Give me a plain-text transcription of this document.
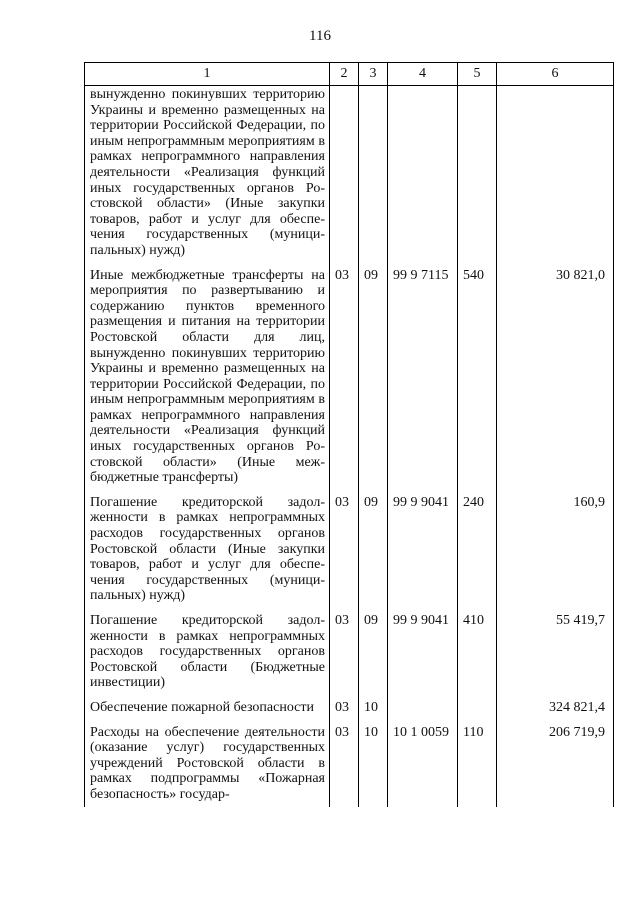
116
1	2	3	4	5	6
вынужденно покинувших территорию Украины и временно размещенных на территории Российской Федерации, по иным непрограммным мероприятиям в рамках непрограммного направления деятельности «Реализация функций иных государственных органов Ростовской области» (Иные закупки товаров, работ и услуг для обеспечения государственных (муниципальных) нужд)					
Иные межбюджетные трансферты на мероприятия по развертыванию и содержанию пунктов временного размещения и питания на территории Ростовской области для лиц, вынужденно покинувших территорию Украины и временно размещенных на территории Российской Федерации, по иным непрограммным мероприятиям в рамках непрограммного направления деятельности «Реализация функций иных государственных органов Ростовской области» (Иные межбюджетные трансферты)	03	09	99 9 7115	540	30 821,0
Погашение кредиторской задолженности в рамках непрограммных расходов государственных органов Ростовской области (Иные закупки товаров, работ и услуг для обеспечения государственных (муниципальных) нужд)	03	09	99 9 9041	240	160,9
Погашение кредиторской задолженности в рамках непрограммных расходов государственных органов Ростовской области (Бюджетные инвестиции)	03	09	99 9 9041	410	55 419,7
Обеспечение пожарной безопасности	03	10			324 821,4
Расходы на обеспечение деятельности (оказание услуг) государственных учреждений Ростовской области в рамках подпрограммы «Пожарная безопасность» государ-	03	10	10 1 0059	110	206 719,9
